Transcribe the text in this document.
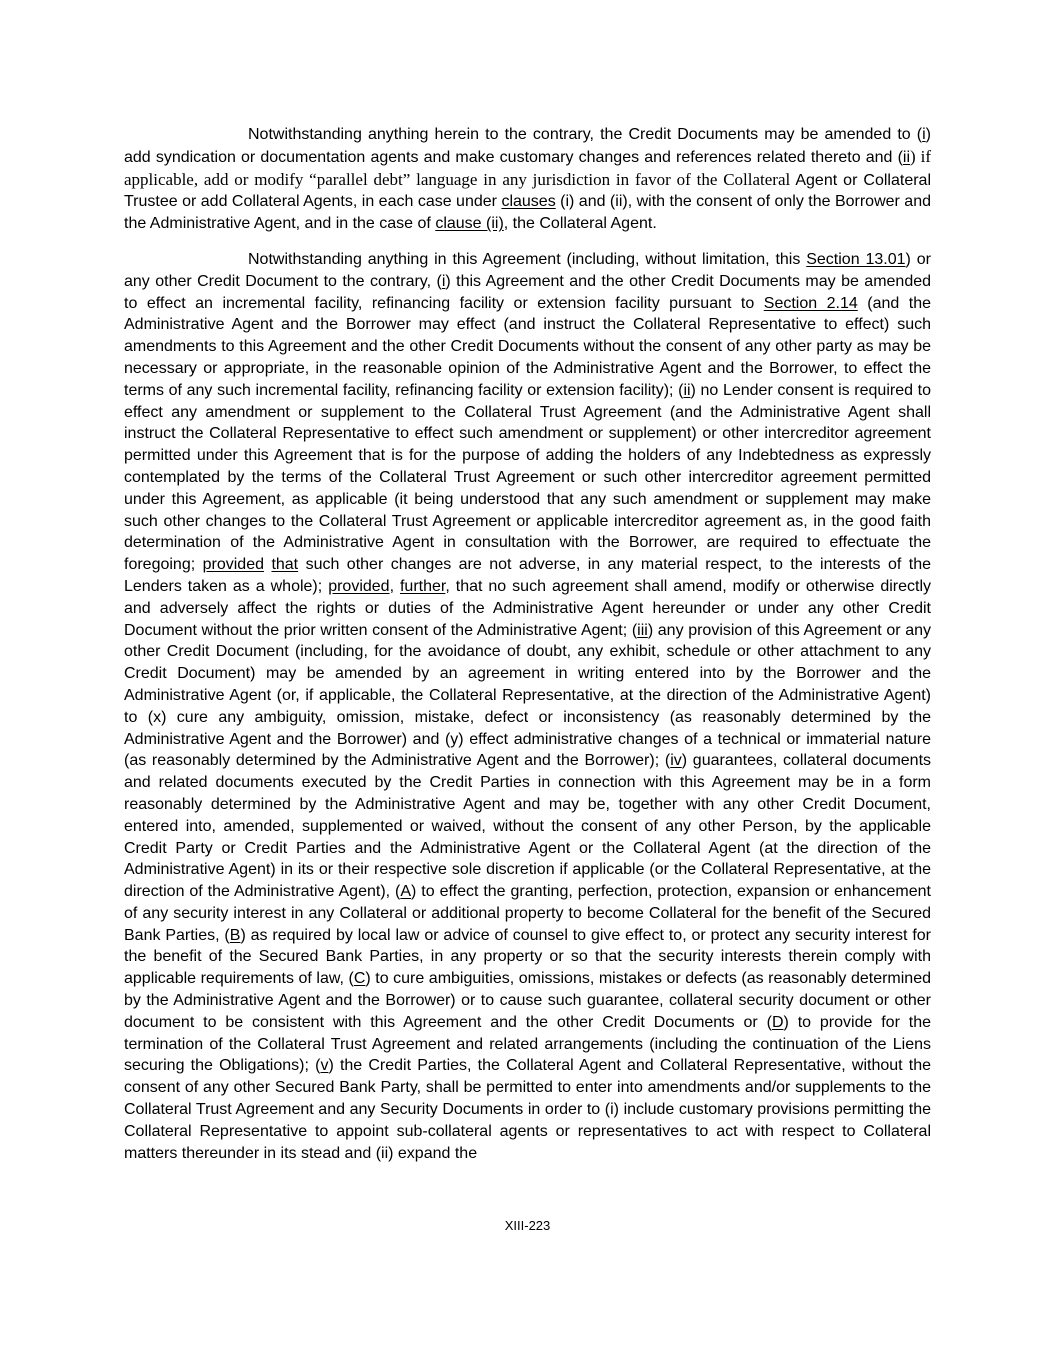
Notwithstanding anything herein to the contrary, the Credit Documents may be amended to (i) add syndication or documentation agents and make customary changes and references related thereto and (ii) if applicable, add or modify “parallel debt” language in any jurisdiction in favor of the Collateral Agent or Collateral Trustee or add Collateral Agents, in each case under clauses (i) and (ii), with the consent of only the Borrower and the Administrative Agent, and in the case of clause (ii), the Collateral Agent.

Notwithstanding anything in this Agreement (including, without limitation, this Section 13.01) or any other Credit Document to the contrary, (i) this Agreement and the other Credit Documents may be amended to effect an incremental facility, refinancing facility or extension facility pursuant to Section 2.14 (and the Administrative Agent and the Borrower may effect (and instruct the Collateral Representative to effect) such amendments to this Agreement and the other Credit Documents without the consent of any other party as may be necessary or appropriate, in the reasonable opinion of the Administrative Agent and the Borrower, to effect the terms of any such incremental facility, refinancing facility or extension facility); (ii) no Lender consent is required to effect any amendment or supplement to the Collateral Trust Agreement (and the Administrative Agent shall instruct the Collateral Representative to effect such amendment or supplement) or other intercreditor agreement permitted under this Agreement that is for the purpose of adding the holders of any Indebtedness as expressly contemplated by the terms of the Collateral Trust Agreement or such other intercreditor agreement permitted under this Agreement, as applicable (it being understood that any such amendment or supplement may make such other changes to the Collateral Trust Agreement or applicable intercreditor agreement as, in the good faith determination of the Administrative Agent in consultation with the Borrower, are required to effectuate the foregoing; provided that such other changes are not adverse, in any material respect, to the interests of the Lenders taken as a whole); provided, further, that no such agreement shall amend, modify or otherwise directly and adversely affect the rights or duties of the Administrative Agent hereunder or under any other Credit Document without the prior written consent of the Administrative Agent; (iii) any provision of this Agreement or any other Credit Document (including, for the avoidance of doubt, any exhibit, schedule or other attachment to any Credit Document) may be amended by an agreement in writing entered into by the Borrower and the Administrative Agent (or, if applicable, the Collateral Representative, at the direction of the Administrative Agent) to (x) cure any ambiguity, omission, mistake, defect or inconsistency (as reasonably determined by the Administrative Agent and the Borrower) and (y) effect administrative changes of a technical or immaterial nature (as reasonably determined by the Administrative Agent and the Borrower); (iv) guarantees, collateral documents and related documents executed by the Credit Parties in connection with this Agreement may be in a form reasonably determined by the Administrative Agent and may be, together with any other Credit Document, entered into, amended, supplemented or waived, without the consent of any other Person, by the applicable Credit Party or Credit Parties and the Administrative Agent or the Collateral Agent (at the direction of the Administrative Agent) in its or their respective sole discretion if applicable (or the Collateral Representative, at the direction of the Administrative Agent), (A) to effect the granting, perfection, protection, expansion or enhancement of any security interest in any Collateral or additional property to become Collateral for the benefit of the Secured Bank Parties, (B) as required by local law or advice of counsel to give effect to, or protect any security interest for the benefit of the Secured Bank Parties, in any property or so that the security interests therein comply with applicable requirements of law, (C) to cure ambiguities, omissions, mistakes or defects (as reasonably determined by the Administrative Agent and the Borrower) or to cause such guarantee, collateral security document or other document to be consistent with this Agreement and the other Credit Documents or (D) to provide for the termination of the Collateral Trust Agreement and related arrangements (including the continuation of the Liens securing the Obligations); (v) the Credit Parties, the Collateral Agent and Collateral Representative, without the consent of any other Secured Bank Party, shall be permitted to enter into amendments and/or supplements to the Collateral Trust Agreement and any Security Documents in order to (i) include customary provisions permitting the Collateral Representative to appoint sub-collateral agents or representatives to act with respect to Collateral matters thereunder in its stead and (ii) expand the

XIII-223
